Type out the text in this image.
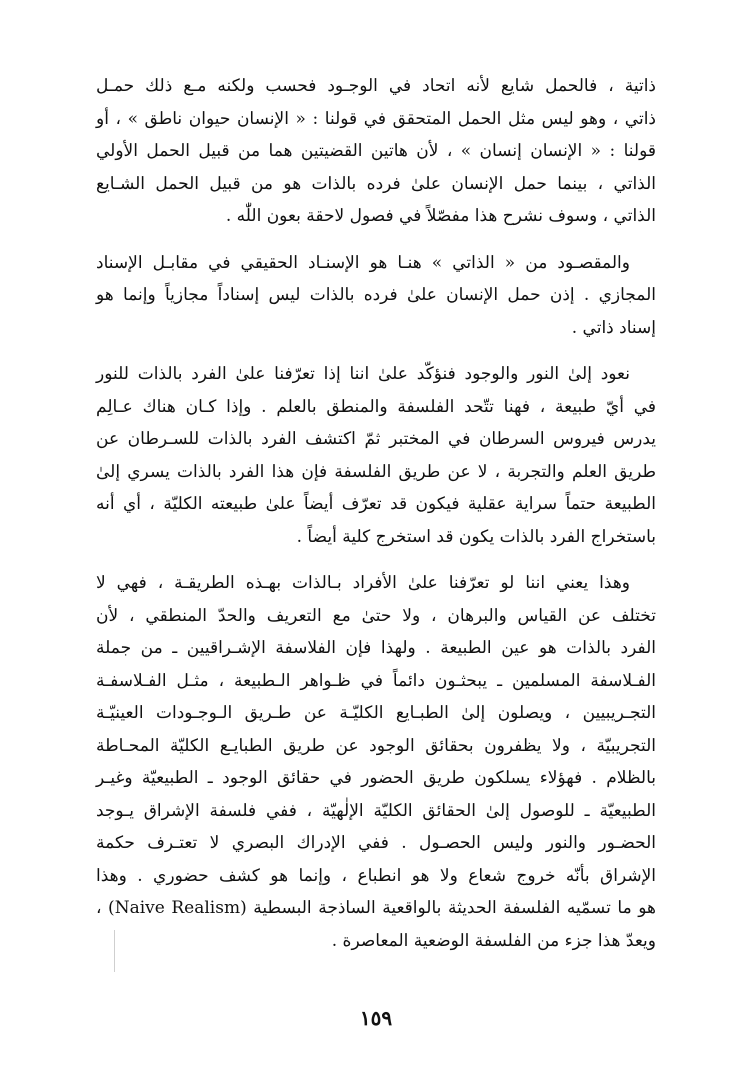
ذاتية ، فالحمل شايع لأنه اتحاد في الوجـود فحسب ولكنه مـع ذلك حمـل
ذاتي ، وهو ليس مثل الحمل المتحقق في قولنا : « الإنسان حيوان ناطق » ، أو
قولنا : « الإنسان إنسان » ، لأن هاتين القضيتين هما من قبيل الحمل الأولي
الذاتي ، بينما حمل الإنسان علىٰ فرده بالذات هو من قبيل الحمل الشـايع
الذاتي ، وسوف نشرح هذا مفصّلاً في فصول لاحقة بعون اللّٰه .
والمقصـود من « الذاتي » هنـا هو الإسنـاد الحقيقي في مقابـل الإسناد
المجازي . إذن حمل الإنسان علىٰ فرده بالذات ليس إسناداً مجازياً وإنما هو
إسناد ذاتي .
نعود إلىٰ النور والوجود فنؤكّد علىٰ اننا إذا تعرّفنا علىٰ الفرد بالذات للنور
في أيّ طبيعة ، فهنا تتّحد الفلسفة والمنطق بالعلم . وإذا كـان هناك عـالِم
يدرس فيروس السرطان في المختبر ثمّ اكتشف الفرد بالذات للسـرطان عن
طريق العلم والتجربة ، لا عن طريق الفلسفة فإن هذا الفرد بالذات يسري إلىٰ
الطبيعة حتماً سراية عقلية فيكون قد تعرّف أيضاً علىٰ طبيعته الكليّة ، أي أنه
باستخراج الفرد بالذات يكون قد استخرج كلية أيضاً .
وهذا يعني اننا لو تعرّفنا علىٰ الأفراد بـالذات بهـذه الطريقـة ، فهي لا
تختلف عن القياس والبرهان ، ولا حتىٰ مع التعريف والحدّ المنطقي ، لأن
الفرد بالذات هو عين الطبيعة . ولهذا فإن الفلاسفة الإشـراقيين ـ من جملة
الفـلاسفة المسلمين ـ يبحثـون دائماً في ظـواهر الـطبيعة ، مثـل الفـلاسفـة
التجـريبيين ، ويصلون إلىٰ الطبـايع الكليّـة عن طـريق الـوجـودات العينيّـة
التجريبيّة ، ولا يظفرون بحقائق الوجود عن طريق الطبايـع الكليّة المحـاطة
بالظلام . فهؤلاء يسلكون طريق الحضور في حقائق الوجود ـ الطبيعيّة وغيـر
الطبيعيّة ـ للوصول إلىٰ الحقائق الكليّة الإلٰهيّة ، ففي فلسفة الإشراق يـوجد
الحضـور والنور وليس الحصـول . ففي الإدراك البصري لا تعتـرف حكمة
الإشراق بأنّه خروج شعاع ولا هو انطباع ، وإنما هو كشف حضوري . وهذا
هو ما تسمّيه الفلسفة الحديثة بالواقعية الساذجة البسطية (Naive Realism) ،
ويعدّ هذا جزء من الفلسفة الوضعية المعاصرة .
١٥٩
